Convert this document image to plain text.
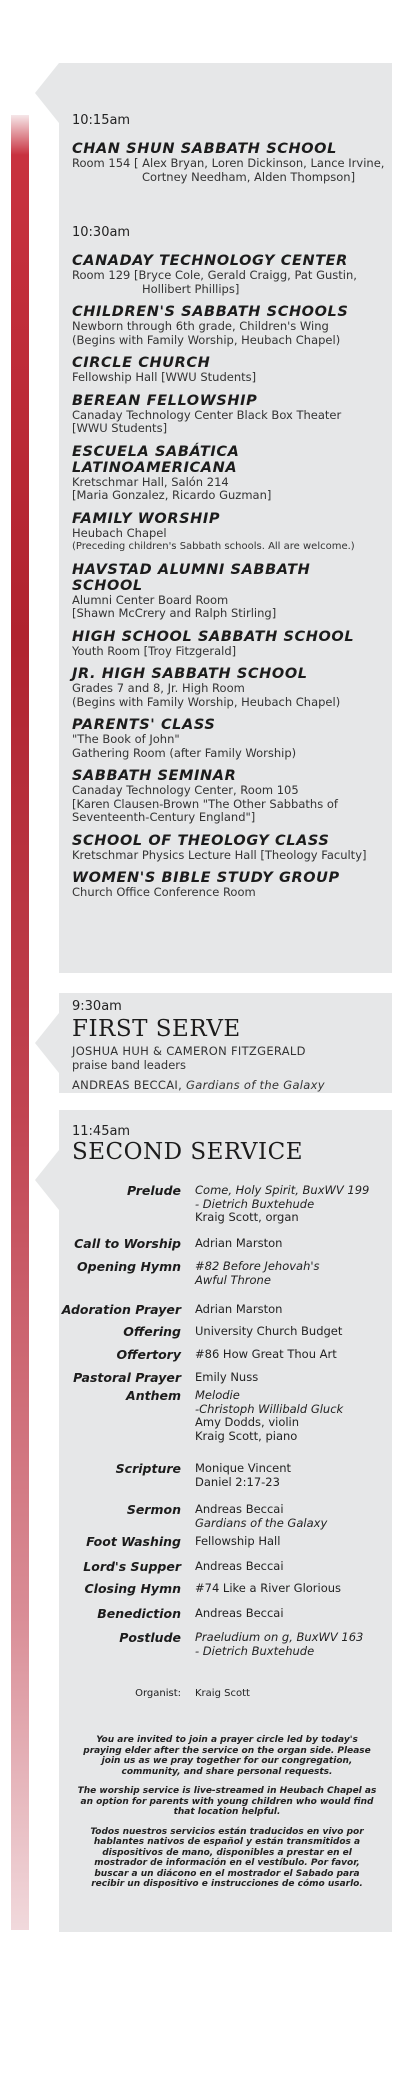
10:15am
CHAN SHUN SABBATH SCHOOL
Room 154 [ Alex Bryan, Loren Dickinson, Lance Irvine,
Cortney Needham, Alden Thompson]
10:30am
CANADAY TECHNOLOGY CENTER
Room 129 [Bryce Cole, Gerald Craigg, Pat Gustin,
Hollibert Phillips]
CHILDREN'S SABBATH SCHOOLS
Newborn through 6th grade, Children's Wing
(Begins with Family Worship, Heubach Chapel)
CIRCLE CHURCH
Fellowship Hall [WWU Students]
BEREAN FELLOWSHIP
Canaday Technology Center Black Box Theater
[WWU Students]
ESCUELA SABÁTICA LATINOAMERICANA
Kretschmar Hall, Salón 214
[Maria Gonzalez, Ricardo Guzman]
FAMILY WORSHIP
Heubach Chapel
(Preceding children's Sabbath schools. All are welcome.)
HAVSTAD ALUMNI SABBATH SCHOOL
Alumni Center Board Room
[Shawn McCrery and Ralph Stirling]
HIGH SCHOOL SABBATH SCHOOL
Youth Room [Troy Fitzgerald]
JR. HIGH SABBATH SCHOOL
Grades 7 and 8, Jr. High Room
(Begins with Family Worship, Heubach Chapel)
PARENTS' CLASS
"The Book of John"
Gathering Room (after Family Worship)
SABBATH SEMINAR
Canaday Technology Center, Room 105
[Karen Clausen-Brown "The Other Sabbaths of
Seventeenth-Century England"]
SCHOOL OF THEOLOGY CLASS
Kretschmar Physics Lecture Hall [Theology Faculty]
WOMEN'S BIBLE STUDY GROUP
Church Office Conference Room
9:30am
FIRST SERVE
JOSHUA HUH & CAMERON FITZGERALD
praise band leaders
ANDREAS BECCAI, Gardians of the Galaxy
11:45am
SECOND SERVICE
Prelude Come, Holy Spirit, BuxWV 199
- Dietrich Buxtehude
Kraig Scott, organ
Call to Worship Adrian Marston
Opening Hymn #82 Before Jehovah's
Awful Throne
Adoration Prayer Adrian Marston
Offering University Church Budget
Offertory #86 How Great Thou Art
Pastoral Prayer Emily Nuss
Anthem Melodie
-Christoph Willibald Gluck
Amy Dodds, violin
Kraig Scott, piano
Scripture Monique Vincent
Daniel 2:17-23
Sermon Andreas Beccai
Gardians of the Galaxy
Foot Washing Fellowship Hall
Lord's Supper Andreas Beccai
Closing Hymn #74 Like a River Glorious
Benediction Andreas Beccai
Postlude Praeludium on g, BuxWV 163
- Dietrich Buxtehude
Organist: Kraig Scott

You are invited to join a prayer circle led by today's praying elder after the service on the organ side. Please join us as we pray together for our congregation, community, and share personal requests.

The worship service is live-streamed in Heubach Chapel as an option for parents with young children who would find that location helpful.

Todos nuestros servicios están traducidos en vivo por hablantes nativos de español y están transmitidos a dispositivos de mano, disponibles a prestar en el mostrador de información en el vestíbulo. Por favor, buscar a un diácono en el mostrador el Sabado para recibir un dispositivo e instrucciones de cómo usarlo.
